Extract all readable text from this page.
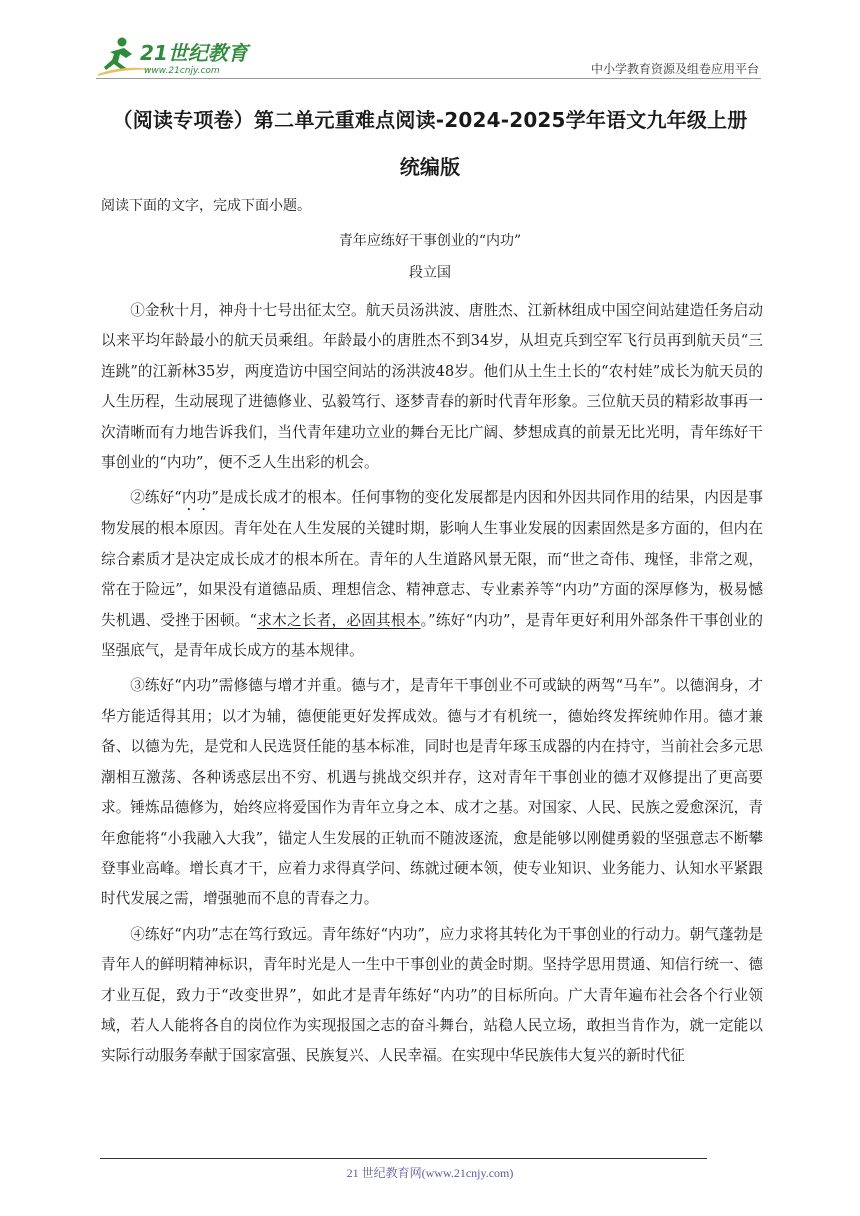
21世纪教育
www.21cnjy.com	中小学教育资源及组卷应用平台
（阅读专项卷）第二单元重难点阅读-2024-2025学年语文九年级上册
统编版
阅读下面的文字，完成下面小题。
青年应练好干事创业的“内功”
段立国

①金秋十月，神舟十七号出征太空。航天员汤洪波、唐胜杰、江新林组成中国空间站建造任务启动以来平均年龄最小的航天员乘组。年龄最小的唐胜杰不到34岁，从坦克兵到空军飞行员再到航天员“三连跳”的江新林35岁，两度造访中国空间站的汤洪波48岁。他们从土生土长的“农村娃”成长为航天员的人生历程，生动展现了进德修业、弘毅笃行、逐梦青春的新时代青年形象。三位航天员的精彩故事再一次清晰而有力地告诉我们，当代青年建功立业的舞台无比广阔、梦想成真的前景无比光明，青年练好干事创业的“内功”，便不乏人生出彩的机会。

②练好“内功”是成长成才的根本。任何事物的变化发展都是内因和外因共同作用的结果，内因是事物发展的根本原因。青年处在人生发展的关键时期，影响人生事业发展的因素固然是多方面的，但内在综合素质才是决定成长成才的根本所在。青年的人生道路风景无限，而“世之奇伟、瑰怪，非常之观，常在于险远”，如果没有道德品质、理想信念、精神意志、专业素养等“内功”方面的深厚修为，极易憾失机遇、受挫于困顿。“求木之长者，必固其根本。”练好“内功”，是青年更好利用外部条件干事创业的坚强底气，是青年成长成方的基本规律。

③练好“内功”需修德与增才并重。德与才，是青年干事创业不可或缺的两驾“马车”。以德润身，才华方能适得其用；以才为辅，德便能更好发挥成效。德与才有机统一，德始终发挥统帅作用。德才兼备、以德为先，是党和人民选贤任能的基本标准，同时也是青年琢玉成器的内在持守，当前社会多元思潮相互激荡、各种诱惑层出不穷、机遇与挑战交织并存，这对青年干事创业的德才双修提出了更高要求。锤炼品德修为，始终应将爱国作为青年立身之本、成才之基。对国家、人民、民族之爱愈深沉，青年愈能将“小我融入大我”，锚定人生发展的正轨而不随波逐流，愈是能够以刚健勇毅的坚强意志不断攀登事业高峰。增长真才干，应着力求得真学问、练就过硬本领，使专业知识、业务能力、认知水平紧跟时代发展之需，增强驰而不息的青春之力。

④练好“内功”志在笃行致远。青年练好“内功”，应力求将其转化为干事创业的行动力。朝气蓬勃是青年人的鲜明精神标识，青年时光是人一生中干事创业的黄金时期。坚持学思用贯通、知信行统一、德才业互促，致力于“改变世界”，如此才是青年练好“内功”的目标所向。广大青年遍布社会各个行业领域，若人人能将各自的岗位作为实现报国之志的奋斗舞台，站稳人民立场，敢担当肯作为，就一定能以实际行动服务奉献于国家富强、民族复兴、人民幸福。在实现中华民族伟大复兴的新时代征

21 世纪教育网(www.21cnjy.com)
